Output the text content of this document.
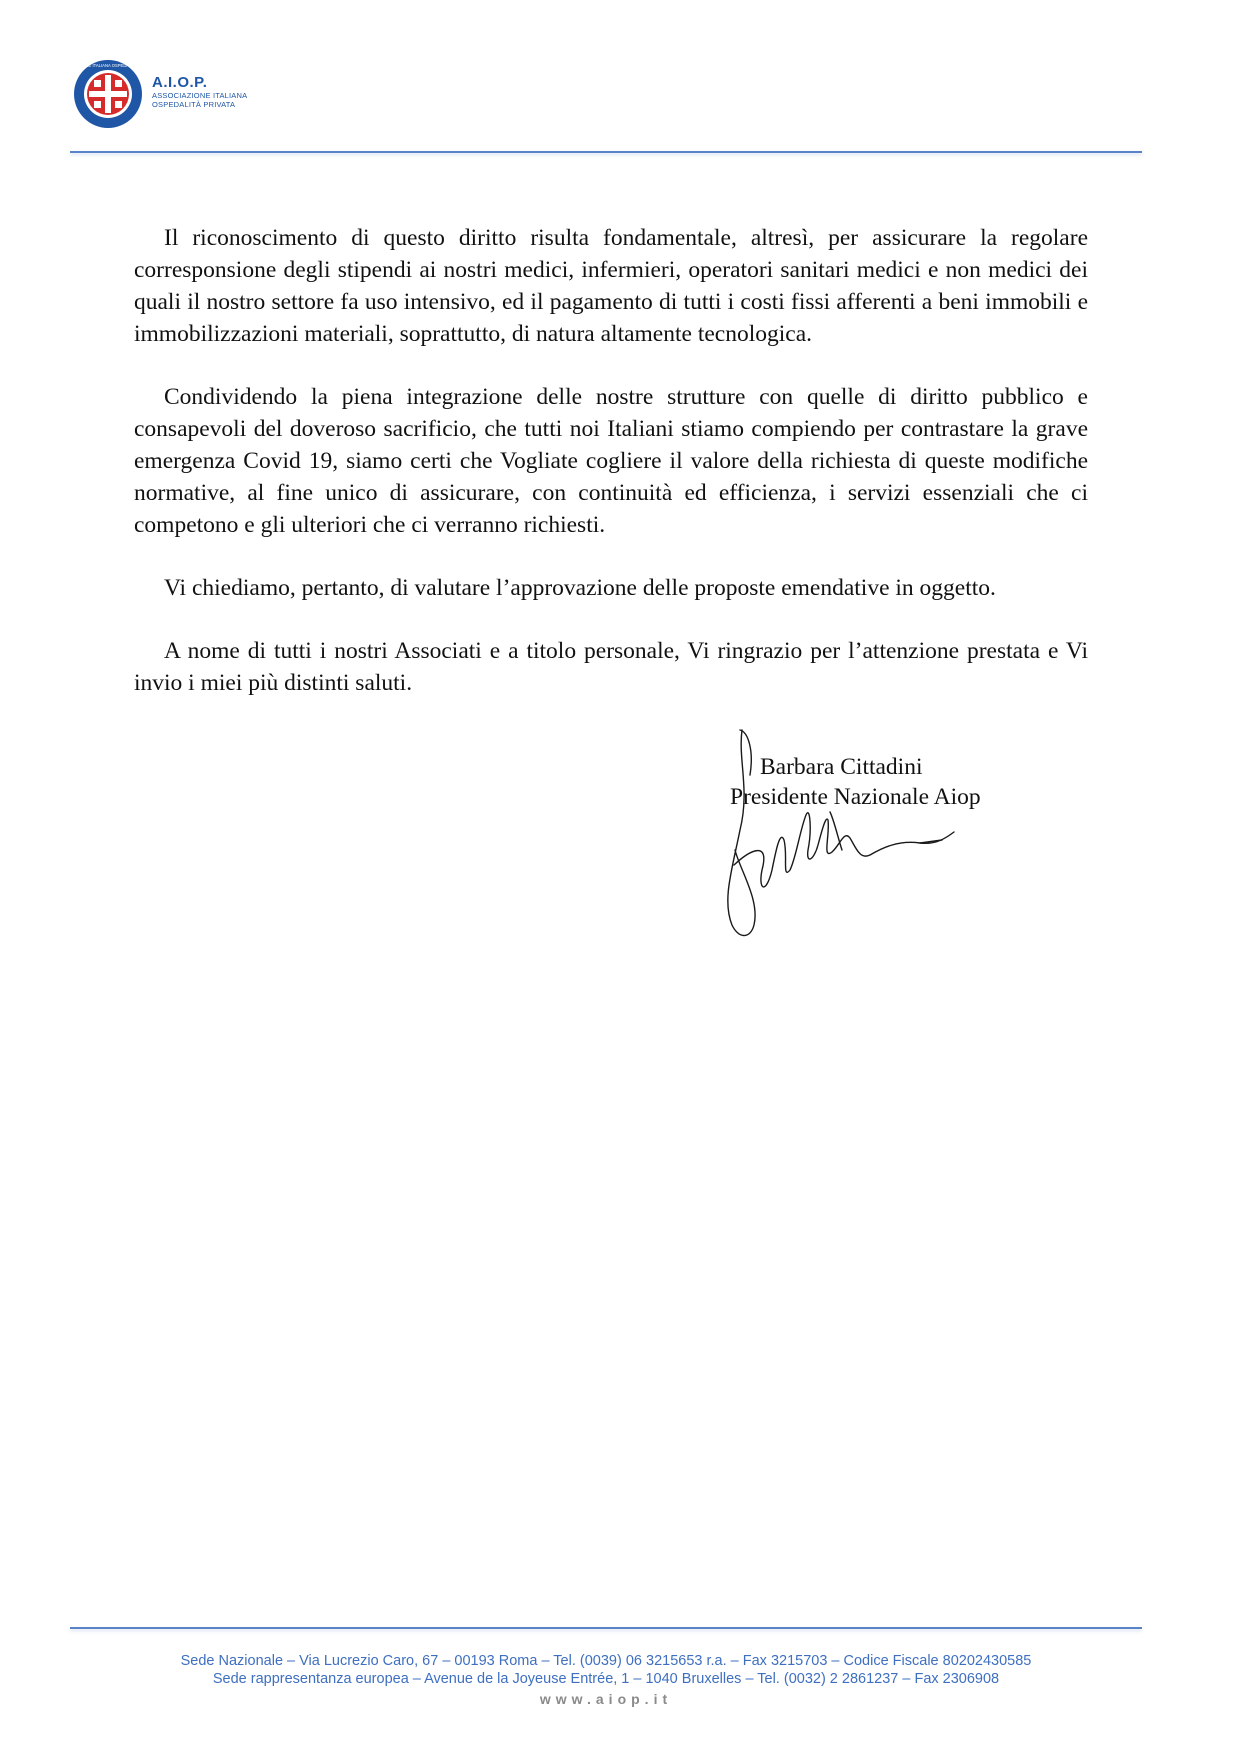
ASSOCIAZIONE ITALIANA OSPEDALITÀ PRIVATA
A.I.O.P.
ASSOCIAZIONE ITALIANA
OSPEDALITÀ PRIVATA

Il riconoscimento di questo diritto risulta fondamentale, altresì, per assicurare la regolare corresponsione degli stipendi ai nostri medici, infermieri, operatori sanitari medici e non medici dei quali il nostro settore fa uso intensivo, ed il pagamento di tutti i costi fissi afferenti a beni immobili e immobilizzazioni materiali, soprattutto, di natura altamente tecnologica.

Condividendo la piena integrazione delle nostre strutture con quelle di diritto pubblico e consapevoli del doveroso sacrificio, che tutti noi Italiani stiamo compiendo per contrastare la grave emergenza Covid 19, siamo certi che Vogliate cogliere il valore della richiesta di queste modifiche normative, al fine unico di assicurare, con continuità ed efficienza, i servizi essenziali che ci competono e gli ulteriori che ci verranno richiesti.

Vi chiediamo, pertanto, di valutare l’approvazione delle proposte emendative in oggetto.

A nome di tutti i nostri Associati e a titolo personale, Vi ringrazio per l’attenzione prestata e Vi invio i miei più distinti saluti.

Barbara Cittadini
Presidente Nazionale Aiop
Sede Nazionale – Via Lucrezio Caro, 67 – 00193 Roma – Tel. (0039) 06 3215653 r.a. – Fax 3215703 – Codice Fiscale 80202430585
Sede rappresentanza europea – Avenue de la Joyeuse Entrée, 1 – 1040 Bruxelles – Tel. (0032) 2 2861237 – Fax 2306908
www.aiop.it
